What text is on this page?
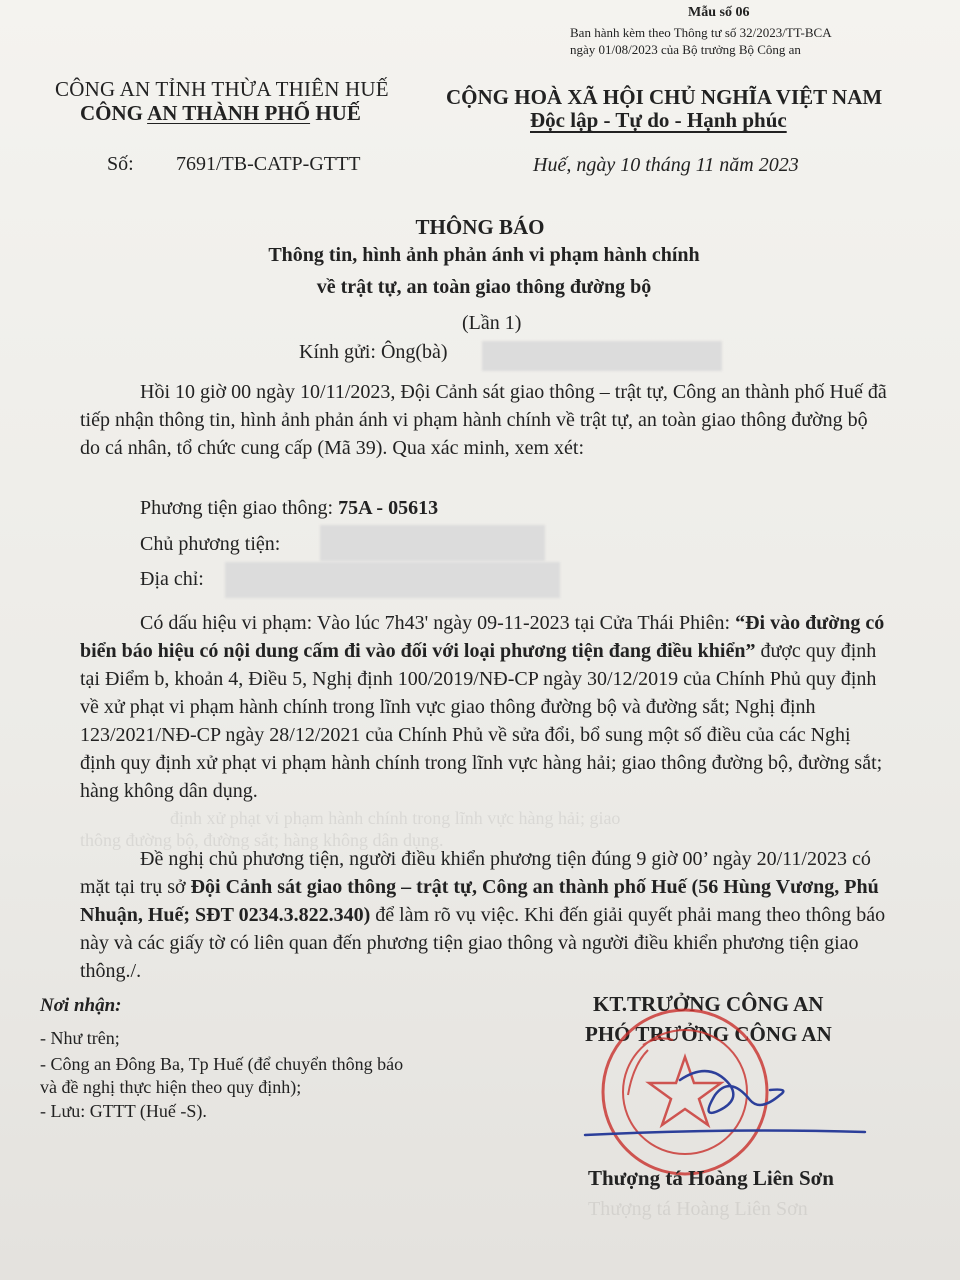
Mẫu số 06
Ban hành kèm theo Thông tư số 32/2023/TT-BCA
ngày 01/08/2023 của Bộ trưởng Bộ Công an
CÔNG AN TỈNH THỪA THIÊN HUẾ
CÔNG AN THÀNH PHỐ HUẾ
CỘNG HOÀ XÃ HỘI CHỦ NGHĨA VIỆT NAM
Độc lập - Tự do - Hạnh phúc
Số: 7691/TB-CATP-GTTT	Huế, ngày 10 tháng 11 năm 2023
THÔNG BÁO
Thông tin, hình ảnh phản ánh vi phạm hành chính
về trật tự, an toàn giao thông đường bộ
(Lần 1)
Kính gửi: Ông(bà)
Hồi 10 giờ 00 ngày 10/11/2023, Đội Cảnh sát giao thông – trật tự, Công an thành phố Huế đã tiếp nhận thông tin, hình ảnh phản ánh vi phạm hành chính về trật tự, an toàn giao thông đường bộ do cá nhân, tổ chức cung cấp (Mã 39). Qua xác minh, xem xét:
Phương tiện giao thông: 75A - 05613
Chủ phương tiện:
Địa chỉ:
Có dấu hiệu vi phạm: Vào lúc 7h43' ngày 09-11-2023 tại Cửa Thái Phiên: “Đi vào đường có biển báo hiệu có nội dung cấm đi vào đối với loại phương tiện đang điều khiển” được quy định tại Điểm b, khoản 4, Điều 5, Nghị định 100/2019/NĐ-CP ngày 30/12/2019 của Chính Phủ quy định về xử phạt vi phạm hành chính trong lĩnh vực giao thông đường bộ và đường sắt; Nghị định 123/2021/NĐ-CP ngày 28/12/2021 của Chính Phủ về sửa đổi, bổ sung một số điều của các Nghị định quy định xử phạt vi phạm hành chính trong lĩnh vực hàng hải; giao thông đường bộ, đường sắt; hàng không dân dụng.
định xử phạt vi phạm hành chính trong lĩnh vực hàng hải; giao
thông đường bộ, đường sắt; hàng không dân dụng.
Đề nghị chủ phương tiện, người điều khiển phương tiện đúng 9 giờ 00’ ngày 20/11/2023 có mặt tại trụ sở Đội Cảnh sát giao thông – trật tự, Công an thành phố Huế (56 Hùng Vương, Phú Nhuận, Huế; SĐT 0234.3.822.340) để làm rõ vụ việc. Khi đến giải quyết phải mang theo thông báo này và các giấy tờ có liên quan đến phương tiện giao thông và người điều khiển phương tiện giao thông./.
Nơi nhận:
- Như trên;
- Công an Đông Ba, Tp Huế (để chuyển thông báo
và đề nghị thực hiện theo quy định);
- Lưu: GTTT (Huế -S).
KT.TRƯỞNG CÔNG AN
PHÓ TRƯỞNG CÔNG AN
Thượng tá Hoàng Liên Sơn
Thượng tá Hoàng Liên Sơn
